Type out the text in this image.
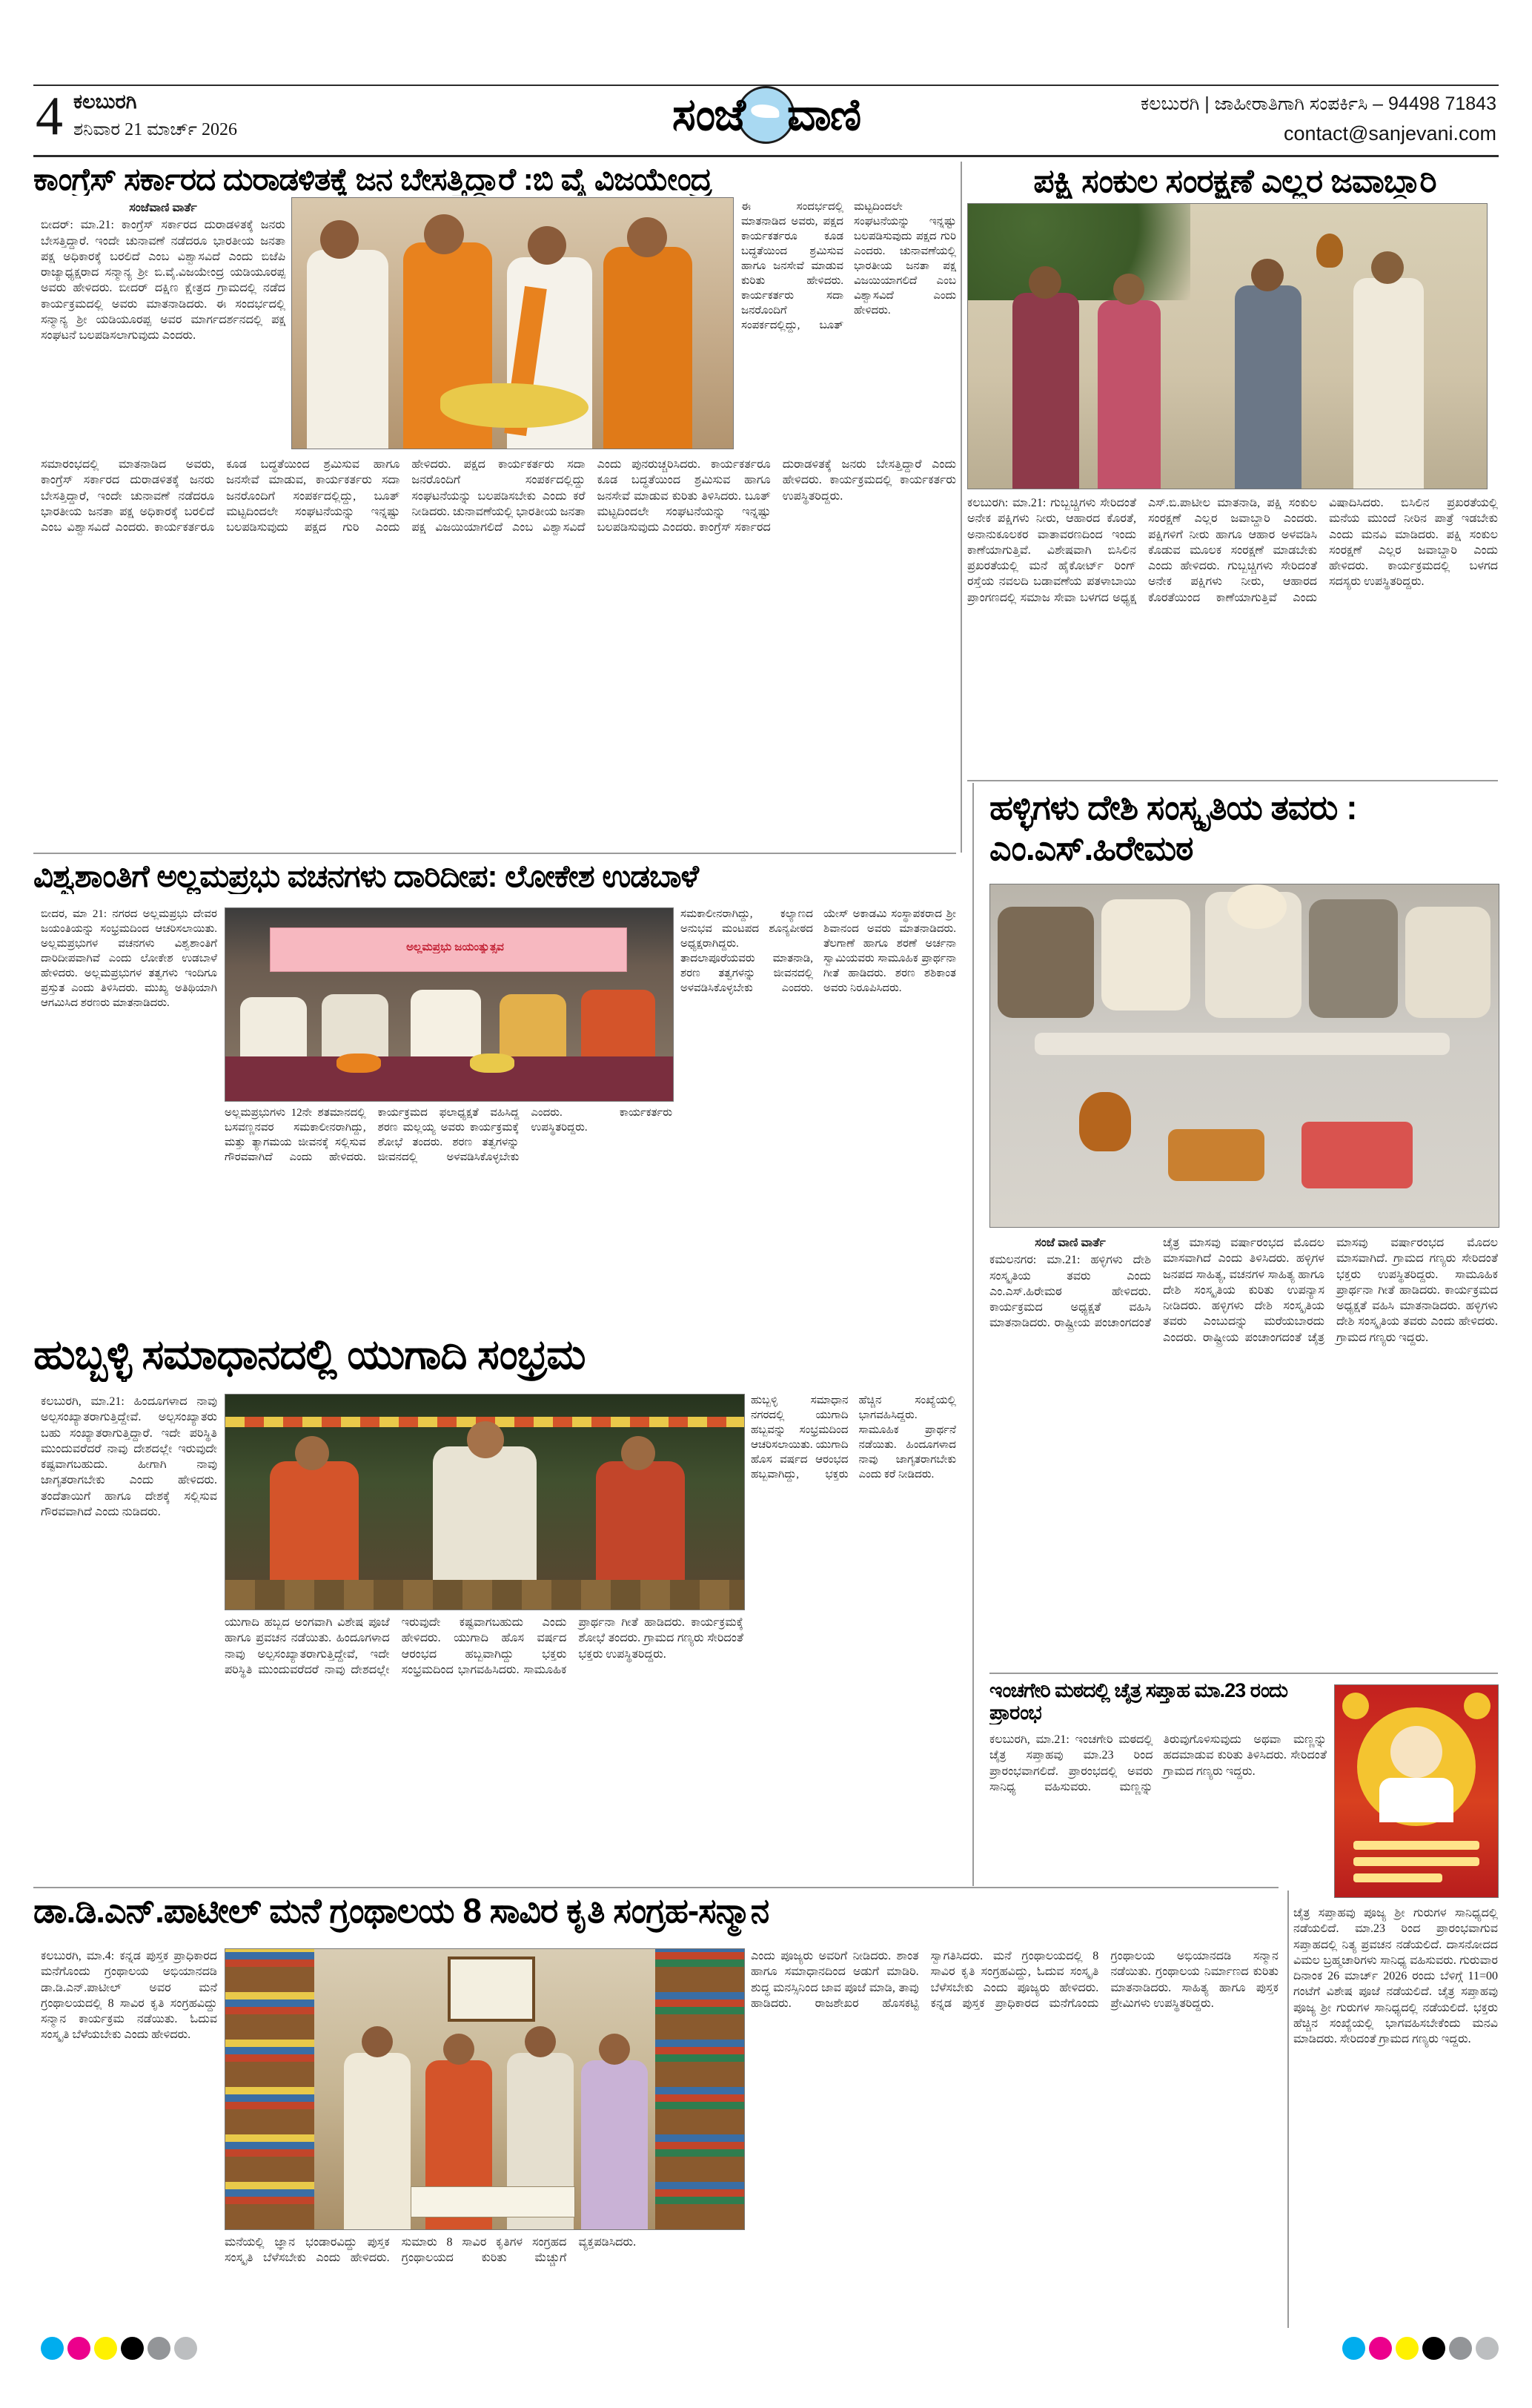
4 ಕಲಬುರಗಿ
ಶನಿವಾರ 21 ಮಾರ್ಚ್ 2026	ಸಂಜೆ ವಾಣಿ	ಕಲಬುರಗಿ | ಜಾಹೀರಾತಿಗಾಗಿ ಸಂಪರ್ಕಿಸಿ – 94498 71843
contact@sanjevani.com
ಕಾಂಗ್ರೆಸ್ ಸರ್ಕಾರದ ದುರಾಡಳಿತಕ್ಕೆ ಜನ ಬೇಸತ್ತಿದ್ದಾರೆ :ಬಿ ವೈ ವಿಜಯೇಂದ್ರ
ಸಂಜೆವಾಣಿ ವಾರ್ತೆ
ಬೀದರ್: ಮಾ.21: ಕಾಂಗ್ರೆಸ್ ಸರ್ಕಾರದ ದುರಾಡಳಿತಕ್ಕೆ ಜನರು ಬೇಸತ್ತಿದ್ದಾರೆ. ಇಂದೇ ಚುನಾವಣೆ ನಡೆದರೂ ಭಾರತೀಯ ಜನತಾ ಪಕ್ಷ ಅಧಿಕಾರಕ್ಕೆ ಬರಲಿದೆ ಎಂಬ ವಿಶ್ವಾಸವಿದೆ ಎಂದು ಬಿಜೆಪಿ ರಾಜ್ಯಾಧ್ಯಕ್ಷರಾದ ಸನ್ಮಾನ್ಯ ಶ್ರೀ ಬಿ.ವೈ.ವಿಜಯೇಂದ್ರ ಯಡಿಯೂರಪ್ಪ ಅವರು ಹೇಳಿದರು. ಬೀದರ್ ದಕ್ಷಿಣ ಕ್ಷೇತ್ರದ ಗ್ರಾಮದಲ್ಲಿ ನಡೆದ ಕಾರ್ಯಕ್ರಮದಲ್ಲಿ ಅವರು ಮಾತನಾಡಿದರು. ಈ ಸಂದರ್ಭದಲ್ಲಿ ಸನ್ಮಾನ್ಯ ಶ್ರೀ ಯಡಿಯೂರಪ್ಪ ಅವರ ಮಾರ್ಗದರ್ಶನದಲ್ಲಿ ಪಕ್ಷ ಸಂಘಟನೆ ಬಲಪಡಿಸಲಾಗುವುದು ಎಂದರು.
ಈ ಸಂದರ್ಭದಲ್ಲಿ ಮಾತನಾಡಿದ ಅವರು, ಪಕ್ಷದ ಕಾರ್ಯಕರ್ತರೂ ಕೂಡ ಬದ್ಧತೆಯಿಂದ ಶ್ರಮಿಸುವ ಹಾಗೂ ಜನಸೇವೆ ಮಾಡುವ ಕುರಿತು ಹೇಳಿದರು. ಕಾರ್ಯಕರ್ತರು ಸದಾ ಜನರೊಂದಿಗೆ ಸಂಪರ್ಕದಲ್ಲಿದ್ದು, ಬೂತ್ ಮಟ್ಟದಿಂದಲೇ ಸಂಘಟನೆಯನ್ನು ಇನ್ನಷ್ಟು ಬಲಪಡಿಸುವುದು ಪಕ್ಷದ ಗುರಿ ಎಂದರು. ಚುನಾವಣೆಯಲ್ಲಿ ಭಾರತೀಯ ಜನತಾ ಪಕ್ಷ ವಿಜಯಿಯಾಗಲಿದೆ ಎಂಬ ವಿಶ್ವಾಸವಿದೆ ಎಂದು ಹೇಳಿದರು.
ಸಮಾರಂಭದಲ್ಲಿ ಮಾತನಾಡಿದ ಅವರು, ಕಾಂಗ್ರೆಸ್ ಸರ್ಕಾರದ ದುರಾಡಳಿತಕ್ಕೆ ಜನರು ಬೇಸತ್ತಿದ್ದಾರೆ, ಇಂದೇ ಚುನಾವಣೆ ನಡೆದರೂ ಭಾರತೀಯ ಜನತಾ ಪಕ್ಷ ಅಧಿಕಾರಕ್ಕೆ ಬರಲಿದೆ ಎಂಬ ವಿಶ್ವಾಸವಿದೆ ಎಂದರು. ಕಾರ್ಯಕರ್ತರೂ ಕೂಡ ಬದ್ಧತೆಯಿಂದ ಶ್ರಮಿಸುವ ಹಾಗೂ ಜನಸೇವೆ ಮಾಡುವ, ಕಾರ್ಯಕರ್ತರು ಸದಾ ಜನರೊಂದಿಗೆ ಸಂಪರ್ಕದಲ್ಲಿದ್ದು, ಬೂತ್ ಮಟ್ಟದಿಂದಲೇ ಸಂಘಟನೆಯನ್ನು ಇನ್ನಷ್ಟು ಬಲಪಡಿಸುವುದು ಪಕ್ಷದ ಗುರಿ ಎಂದು ಹೇಳಿದರು. ಪಕ್ಷದ ಕಾರ್ಯಕರ್ತರು ಸದಾ ಜನರೊಂದಿಗೆ ಸಂಪರ್ಕದಲ್ಲಿದ್ದು ಸಂಘಟನೆಯನ್ನು ಬಲಪಡಿಸಬೇಕು ಎಂದು ಕರೆ ನೀಡಿದರು. ಚುನಾವಣೆಯಲ್ಲಿ ಭಾರತೀಯ ಜನತಾ ಪಕ್ಷ ವಿಜಯಿಯಾಗಲಿದೆ ಎಂಬ ವಿಶ್ವಾಸವಿದೆ ಎಂದು ಪುನರುಚ್ಚರಿಸಿದರು. ಕಾರ್ಯಕರ್ತರೂ ಕೂಡ ಬದ್ಧತೆಯಿಂದ ಶ್ರಮಿಸುವ ಹಾಗೂ ಜನಸೇವೆ ಮಾಡುವ ಕುರಿತು ತಿಳಿಸಿದರು. ಬೂತ್ ಮಟ್ಟದಿಂದಲೇ ಸಂಘಟನೆಯನ್ನು ಇನ್ನಷ್ಟು ಬಲಪಡಿಸುವುದು ಎಂದರು. ಕಾಂಗ್ರೆಸ್ ಸರ್ಕಾರದ ದುರಾಡಳಿತಕ್ಕೆ ಜನರು ಬೇಸತ್ತಿದ್ದಾರೆ ಎಂದು ಹೇಳಿದರು. ಕಾರ್ಯಕ್ರಮದಲ್ಲಿ ಕಾರ್ಯಕರ್ತರು ಉಪಸ್ಥಿತರಿದ್ದರು.
ಪಕ್ಷಿ ಸಂಕುಲ ಸಂರಕ್ಷಣೆ ಎಲ್ಲರ ಜವಾಬ್ದಾರಿ
ಕಲಬುರಗಿ: ಮಾ.21: ಗುಬ್ಬಚ್ಚಿಗಳು ಸೇರಿದಂತೆ ಅನೇಕ ಪಕ್ಷಿಗಳು ನೀರು, ಆಹಾರದ ಕೊರತೆ, ಅನಾನುಕೂಲಕರ ವಾತಾವರಣದಿಂದ ಇಂದು ಕಾಣೆಯಾಗುತ್ತಿವೆ. ವಿಶೇಷವಾಗಿ ಬಿಸಿಲಿನ ಪ್ರಖರತೆಯಲ್ಲಿ ಮನೆ ಹೈಕೋರ್ಟ್ ರಿಂಗ್ ರಸ್ತೆಯ ನವಲದಿ ಬಡಾವಣೆಯ ಪತಳಾಬಾಯಿ ಪ್ರಾಂಗಣದಲ್ಲಿ ಸಮಾಜ ಸೇವಾ ಬಳಗದ ಅಧ್ಯಕ್ಷ ಎಸ್.ಬಿ.ಪಾಟೀಲ ಮಾತನಾಡಿ, ಪಕ್ಷಿ ಸಂಕುಲ ಸಂರಕ್ಷಣೆ ಎಲ್ಲರ ಜವಾಬ್ದಾರಿ ಎಂದರು. ಪಕ್ಷಿಗಳಿಗೆ ನೀರು ಹಾಗೂ ಆಹಾರ ಅಳವಡಿಸಿ ಕೊಡುವ ಮೂಲಕ ಸಂರಕ್ಷಣೆ ಮಾಡಬೇಕು ಎಂದು ಹೇಳಿದರು. ಗುಬ್ಬಚ್ಚಿಗಳು ಸೇರಿದಂತೆ ಅನೇಕ ಪಕ್ಷಿಗಳು ನೀರು, ಆಹಾರದ ಕೊರತೆಯಿಂದ ಕಾಣೆಯಾಗುತ್ತಿವೆ ಎಂದು ವಿಷಾದಿಸಿದರು. ಬಿಸಿಲಿನ ಪ್ರಖರತೆಯಲ್ಲಿ ಮನೆಯ ಮುಂದೆ ನೀರಿನ ಪಾತ್ರೆ ಇಡಬೇಕು ಎಂದು ಮನವಿ ಮಾಡಿದರು. ಪಕ್ಷಿ ಸಂಕುಲ ಸಂರಕ್ಷಣೆ ಎಲ್ಲರ ಜವಾಬ್ದಾರಿ ಎಂದು ಹೇಳಿದರು. ಕಾರ್ಯಕ್ರಮದಲ್ಲಿ ಬಳಗದ ಸದಸ್ಯರು ಉಪಸ್ಥಿತರಿದ್ದರು.
ಹಳ್ಳಿಗಳು ದೇಶಿ ಸಂಸ್ಕೃತಿಯ ತವರು : ಎಂ.ಎಸ್.ಹಿರೇಮಠ
ಸಂಜೆ ವಾಣಿ ವಾರ್ತೆ
ಕಮಲನಗರ: ಮಾ.21: ಹಳ್ಳಿಗಳು ದೇಶಿ ಸಂಸ್ಕೃತಿಯ ತವರು ಎಂದು ಎಂ.ಎಸ್.ಹಿರೇಮಠ ಹೇಳಿದರು. ಕಾರ್ಯಕ್ರಮದ ಅಧ್ಯಕ್ಷತೆ ವಹಿಸಿ ಮಾತನಾಡಿದರು. ರಾಷ್ಟ್ರೀಯ ಪಂಚಾಂಗದಂತೆ ಚೈತ್ರ ಮಾಸವು ವರ್ಷಾರಂಭದ ಮೊದಲ ಮಾಸವಾಗಿದೆ ಎಂದು ತಿಳಿಸಿದರು. ಹಳ್ಳಿಗಳ ಜನಪದ ಸಾಹಿತ್ಯ, ವಚನಗಳ ಸಾಹಿತ್ಯ ಹಾಗೂ ದೇಶಿ ಸಂಸ್ಕೃತಿಯ ಕುರಿತು ಉಪನ್ಯಾಸ ನೀಡಿದರು. ಹಳ್ಳಿಗಳು ದೇಶಿ ಸಂಸ್ಕೃತಿಯ ತವರು ಎಂಬುದನ್ನು ಮರೆಯಬಾರದು ಎಂದರು. ರಾಷ್ಟ್ರೀಯ ಪಂಚಾಂಗದಂತೆ ಚೈತ್ರ ಮಾಸವು ವರ್ಷಾರಂಭದ ಮೊದಲ ಮಾಸವಾಗಿದೆ. ಗ್ರಾಮದ ಗಣ್ಯರು ಸೇರಿದಂತೆ ಭಕ್ತರು ಉಪಸ್ಥಿತರಿದ್ದರು. ಸಾಮೂಹಿಕ ಪ್ರಾರ್ಥನಾ ಗೀತೆ ಹಾಡಿದರು. ಕಾರ್ಯಕ್ರಮದ ಅಧ್ಯಕ್ಷತೆ ವಹಿಸಿ ಮಾತನಾಡಿದರು. ಹಳ್ಳಿಗಳು ದೇಶಿ ಸಂಸ್ಕೃತಿಯ ತವರು ಎಂದು ಹೇಳಿದರು. ಗ್ರಾಮದ ಗಣ್ಯರು ಇದ್ದರು.
ಇಂಚಗೇರಿ ಮಠದಲ್ಲಿ ಚೈತ್ರ ಸಪ್ತಾಹ ಮಾ.23 ರಂದು ಪ್ರಾರಂಭ
ಕಲಬುರಗಿ, ಮಾ.21: ಇಂಚಗೇರಿ ಮಠದಲ್ಲಿ ಚೈತ್ರ ಸಪ್ತಾಹವು ಮಾ.23 ರಿಂದ ಪ್ರಾರಂಭವಾಗಲಿದೆ. ಪ್ರಾರಂಭದಲ್ಲಿ ಅವರು ಸಾನಿಧ್ಯ ವಹಿಸುವರು. ಮಣ್ಣನ್ನು ತಿರುವುಗೊಳಿಸುವುದು ಅಥವಾ ಮಣ್ಣನ್ನು ಹದಮಾಡುವ ಕುರಿತು ತಿಳಿಸಿದರು. ಸೇರಿದಂತೆ ಗ್ರಾಮದ ಗಣ್ಯರು ಇದ್ದರು.
ಚೈತ್ರ ಸಪ್ತಾಹವು ಪೂಜ್ಯ ಶ್ರೀ ಗುರುಗಳ ಸಾನಿಧ್ಯದಲ್ಲಿ ನಡೆಯಲಿದೆ. ಮಾ.23 ರಿಂದ ಪ್ರಾರಂಭವಾಗುವ ಸಪ್ತಾಹದಲ್ಲಿ ನಿತ್ಯ ಪ್ರವಚನ ನಡೆಯಲಿದೆ. ದಾಸನೋದದ ವಿಮಲ ಬ್ರಹ್ಮಚಾರಿಗಳು ಸಾನಿಧ್ಯ ವಹಿಸುವರು. ಗುರುವಾರ ದಿನಾಂಕ 26 ಮಾರ್ಚ್ 2026 ರಂದು ಬೆಳಿಗ್ಗೆ 11=00 ಗಂಟೆಗೆ ವಿಶೇಷ ಪೂಜೆ ನಡೆಯಲಿದೆ. ಚೈತ್ರ ಸಪ್ತಾಹವು ಪೂಜ್ಯ ಶ್ರೀ ಗುರುಗಳ ಸಾನಿಧ್ಯದಲ್ಲಿ ನಡೆಯಲಿದೆ. ಭಕ್ತರು ಹೆಚ್ಚಿನ ಸಂಖ್ಯೆಯಲ್ಲಿ ಭಾಗವಹಿಸಬೇಕೆಂದು ಮನವಿ ಮಾಡಿದರು. ಸೇರಿದಂತೆ ಗ್ರಾಮದ ಗಣ್ಯರು ಇದ್ದರು.
ವಿಶ್ವಶಾಂತಿಗೆ ಅಲ್ಲಮಪ್ರಭು ವಚನಗಳು ದಾರಿದೀಪ: ಲೋಕೇಶ ಉಡಬಾಳೆ
ಬೀದರ, ಮಾ 21: ನಗರದ ಅಲ್ಲಮಪ್ರಭು ದೇವರ ಜಯಂತಿಯನ್ನು ಸಂಭ್ರಮದಿಂದ ಆಚರಿಸಲಾಯಿತು. ಅಲ್ಲಮಪ್ರಭುಗಳ ವಚನಗಳು ವಿಶ್ವಶಾಂತಿಗೆ ದಾರಿದೀಪವಾಗಿವೆ ಎಂದು ಲೋಕೇಶ ಉಡಬಾಳೆ ಹೇಳಿದರು. ಅಲ್ಲಮಪ್ರಭುಗಳ ತತ್ವಗಳು ಇಂದಿಗೂ ಪ್ರಸ್ತುತ ಎಂದು ತಿಳಿಸಿದರು. ಮುಖ್ಯ ಅತಿಥಿಯಾಗಿ ಆಗಮಿಸಿದ ಶರಣರು ಮಾತನಾಡಿದರು.
ಅಲ್ಲಮಪ್ರಭು ಜಯಂತ್ಯುತ್ಸವ
ಸಮಕಾಲೀನರಾಗಿದ್ದು, ಕಲ್ಯಾಣದ ಅನುಭವ ಮಂಟಪದ ಶೂನ್ಯಪೀಠದ ಅಧ್ಯಕ್ಷರಾಗಿದ್ದರು. ತಾದಲಾಪೂರೆಯವರು ಮಾತನಾಡಿ, ಶರಣ ತತ್ವಗಳನ್ನು ಜೀವನದಲ್ಲಿ ಅಳವಡಿಸಿಕೊಳ್ಳಬೇಕು ಎಂದರು. ಯೇಸ್ ಅಕಾಡಮಿ ಸಂಸ್ಥಾಪಕರಾದ ಶ್ರೀ ಶಿವಾನಂದ ಅವರು ಮಾತನಾಡಿದರು. ತೆಲಗಾಣೆ ಹಾಗೂ ಶರಣೆ ಅರ್ಚನಾ ಸ್ವಾಮಿಯವರು ಸಾಮೂಹಿಕ ಪ್ರಾರ್ಥನಾ ಗೀತೆ ಹಾಡಿದರು. ಶರಣ ಶಶಿಕಾಂತ ಅವರು ನಿರೂಪಿಸಿದರು.
ಅಲ್ಲಮಪ್ರಭುಗಳು 12ನೇ ಶತಮಾನದಲ್ಲಿ ಬಸವಣ್ಣನವರ ಸಮಕಾಲೀನರಾಗಿದ್ದು, ಮತ್ತು ತ್ಯಾಗಮಯ ಜೀವನಕ್ಕೆ ಸಲ್ಲಿಸುವ ಗೌರವವಾಗಿದೆ ಎಂದು ಹೇಳಿದರು. ಕಾರ್ಯಕ್ರಮದ ಫಲಾಧ್ಯಕ್ಷತೆ ವಹಿಸಿದ್ದ ಶರಣ ಮಲ್ಲಯ್ಯ ಅವರು ಕಾರ್ಯಕ್ರಮಕ್ಕೆ ಶೋಭೆ ತಂದರು. ಶರಣ ತತ್ವಗಳನ್ನು ಜೀವನದಲ್ಲಿ ಅಳವಡಿಸಿಕೊಳ್ಳಬೇಕು ಎಂದರು. ಕಾರ್ಯಕರ್ತರು ಉಪಸ್ಥಿತರಿದ್ದರು.
ಹುಬ್ಬಳ್ಳಿ ಸಮಾಧಾನದಲ್ಲಿ ಯುಗಾದಿ ಸಂಭ್ರಮ
ಕಲಬುರಗಿ, ಮಾ.21: ಹಿಂದೂಗಳಾದ ನಾವು ಅಲ್ಪಸಂಖ್ಯಾತರಾಗುತ್ತಿದ್ದೇವೆ. ಅಲ್ಪಸಂಖ್ಯಾತರು ಬಹು ಸಂಖ್ಯಾತರಾಗುತ್ತಿದ್ದಾರೆ. ಇದೇ ಪರಿಸ್ಥಿತಿ ಮುಂದುವರೆದರೆ ನಾವು ದೇಶದಲ್ಲೇ ಇರುವುದೇ ಕಷ್ಟವಾಗಬಹುದು. ಹೀಗಾಗಿ ನಾವು ಜಾಗೃತರಾಗಬೇಕು ಎಂದು ಹೇಳಿದರು. ತಂದೆತಾಯಿಗೆ ಹಾಗೂ ದೇಶಕ್ಕೆ ಸಲ್ಲಿಸುವ ಗೌರವವಾಗಿದೆ ಎಂದು ನುಡಿದರು.
ಹುಬ್ಬಳ್ಳಿ ಸಮಾಧಾನ ನಗರದಲ್ಲಿ ಯುಗಾದಿ ಹಬ್ಬವನ್ನು ಸಂಭ್ರಮದಿಂದ ಆಚರಿಸಲಾಯಿತು. ಯುಗಾದಿ ಹೊಸ ವರ್ಷದ ಆರಂಭದ ಹಬ್ಬವಾಗಿದ್ದು, ಭಕ್ತರು ಹೆಚ್ಚಿನ ಸಂಖ್ಯೆಯಲ್ಲಿ ಭಾಗವಹಿಸಿದ್ದರು. ಸಾಮೂಹಿಕ ಪ್ರಾರ್ಥನೆ ನಡೆಯಿತು. ಹಿಂದೂಗಳಾದ ನಾವು ಜಾಗೃತರಾಗಬೇಕು ಎಂದು ಕರೆ ನೀಡಿದರು.
ಯುಗಾದಿ ಹಬ್ಬದ ಅಂಗವಾಗಿ ವಿಶೇಷ ಪೂಜೆ ಹಾಗೂ ಪ್ರವಚನ ನಡೆಯಿತು. ಹಿಂದೂಗಳಾದ ನಾವು ಅಲ್ಪಸಂಖ್ಯಾತರಾಗುತ್ತಿದ್ದೇವೆ, ಇದೇ ಪರಿಸ್ಥಿತಿ ಮುಂದುವರೆದರೆ ನಾವು ದೇಶದಲ್ಲೇ ಇರುವುದೇ ಕಷ್ಟವಾಗಬಹುದು ಎಂದು ಹೇಳಿದರು. ಯುಗಾದಿ ಹೊಸ ವರ್ಷದ ಆರಂಭದ ಹಬ್ಬವಾಗಿದ್ದು ಭಕ್ತರು ಸಂಭ್ರಮದಿಂದ ಭಾಗವಹಿಸಿದರು. ಸಾಮೂಹಿಕ ಪ್ರಾರ್ಥನಾ ಗೀತೆ ಹಾಡಿದರು. ಕಾರ್ಯಕ್ರಮಕ್ಕೆ ಶೋಭೆ ತಂದರು. ಗ್ರಾಮದ ಗಣ್ಯರು ಸೇರಿದಂತೆ ಭಕ್ತರು ಉಪಸ್ಥಿತರಿದ್ದರು.
ಡಾ.ಡಿ.ಎನ್.ಪಾಟೀಲ್ ಮನೆ ಗ್ರಂಥಾಲಯ 8 ಸಾವಿರ ಕೃತಿ ಸಂಗ್ರಹ-ಸನ್ಮಾನ
ಕಲಬುರಗಿ, ಮಾ.4: ಕನ್ನಡ ಪುಸ್ತಕ ಪ್ರಾಧಿಕಾರದ ಮನೆಗೊಂದು ಗ್ರಂಥಾಲಯ ಅಭಿಯಾನದಡಿ ಡಾ.ಡಿ.ಎನ್.ಪಾಟೀಲ್ ಅವರ ಮನೆ ಗ್ರಂಥಾಲಯದಲ್ಲಿ 8 ಸಾವಿರ ಕೃತಿ ಸಂಗ್ರಹವಿದ್ದು ಸನ್ಮಾನ ಕಾರ್ಯಕ್ರಮ ನಡೆಯಿತು. ಓದುವ ಸಂಸ್ಕೃತಿ ಬೆಳೆಯಬೇಕು ಎಂದು ಹೇಳಿದರು.
ಎಂದು ಪೂಜ್ಯರು ಅವರಿಗೆ ನೀಡಿದರು. ಶಾಂತ ಹಾಗೂ ಸಮಾಧಾನದಿಂದ ಅಡುಗೆ ಮಾಡಿರಿ. ಶುದ್ಧ ಮನಸ್ಸಿನಿಂದ ಜಾವ ಪೂಜೆ ಮಾಡಿ, ತಾವು ಹಾಡಿದರು. ರಾಜಶೇಖರ ಹೊಸಕಟ್ಟಿ ಸ್ವಾಗತಿಸಿದರು. ಮನೆ ಗ್ರಂಥಾಲಯದಲ್ಲಿ 8 ಸಾವಿರ ಕೃತಿ ಸಂಗ್ರಹವಿದ್ದು, ಓದುವ ಸಂಸ್ಕೃತಿ ಬೆಳೆಸಬೇಕು ಎಂದು ಪೂಜ್ಯರು ಹೇಳಿದರು. ಕನ್ನಡ ಪುಸ್ತಕ ಪ್ರಾಧಿಕಾರದ ಮನೆಗೊಂದು ಗ್ರಂಥಾಲಯ ಅಭಿಯಾನದಡಿ ಸನ್ಮಾನ ನಡೆಯಿತು. ಗ್ರಂಥಾಲಯ ನಿರ್ಮಾಣದ ಕುರಿತು ಮಾತನಾಡಿದರು. ಸಾಹಿತ್ಯ ಹಾಗೂ ಪುಸ್ತಕ ಪ್ರೇಮಿಗಳು ಉಪಸ್ಥಿತರಿದ್ದರು.
ಮನೆಯಲ್ಲಿ ಜ್ಞಾನ ಭಂಡಾರವಿದ್ದು ಪುಸ್ತಕ ಸಂಸ್ಕೃತಿ ಬೆಳೆಸಬೇಕು ಎಂದು ಹೇಳಿದರು. ಸುಮಾರು 8 ಸಾವಿರ ಕೃತಿಗಳ ಸಂಗ್ರಹದ ಗ್ರಂಥಾಲಯದ ಕುರಿತು ಮೆಚ್ಚುಗೆ ವ್ಯಕ್ತಪಡಿಸಿದರು.
